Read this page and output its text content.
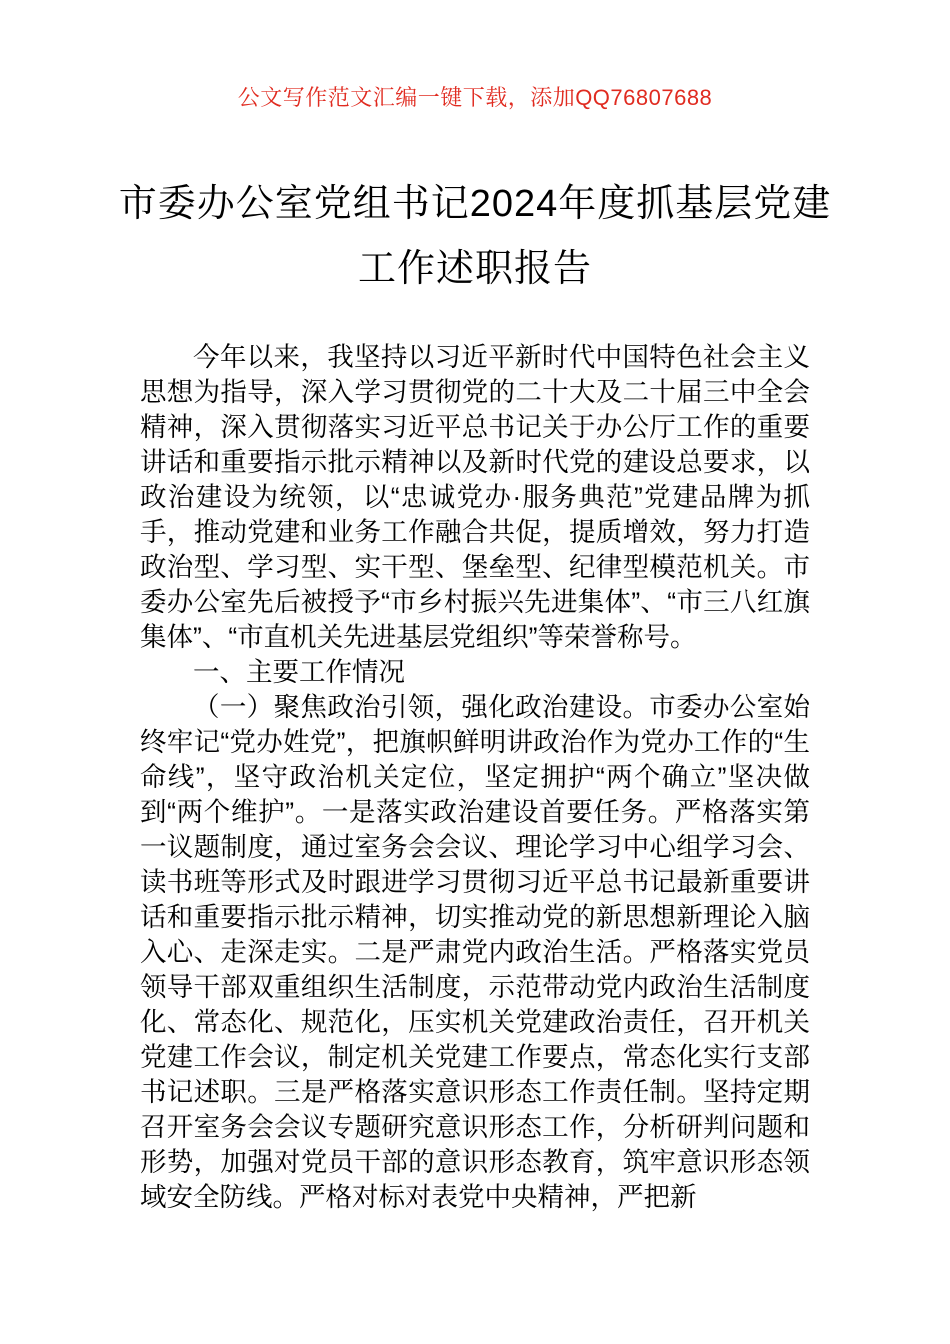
公文写作范文汇编一键下载，添加QQ76807688
市委办公室党组书记2024年度抓基层党建
工作述职报告

今年以来，我坚持以习近平新时代中国特色社会主义思想为指导，深入学习贯彻党的二十大及二十届三中全会精神，深入贯彻落实习近平总书记关于办公厅工作的重要讲话和重要指示批示精神以及新时代党的建设总要求，以政治建设为统领，以“忠诚党办·服务典范”党建品牌为抓手，推动党建和业务工作融合共促，提质增效，努力打造政治型、学习型、实干型、堡垒型、纪律型模范机关。市委办公室先后被授予“市乡村振兴先进集体”、“市三八红旗集体”、“市直机关先进基层党组织”等荣誉称号。

一、主要工作情况

（一）聚焦政治引领，强化政治建设。市委办公室始终牢记“党办姓党”，把旗帜鲜明讲政治作为党办工作的“生命线”，坚守政治机关定位，坚定拥护“两个确立”坚决做到“两个维护”。一是落实政治建设首要任务。严格落实第一议题制度，通过室务会会议、理论学习中心组学习会、读书班等形式及时跟进学习贯彻习近平总书记最新重要讲话和重要指示批示精神，切实推动党的新思想新理论入脑入心、走深走实。二是严肃党内政治生活。严格落实党员领导干部双重组织生活制度，示范带动党内政治生活制度化、常态化、规范化，压实机关党建政治责任，召开机关党建工作会议，制定机关党建工作要点，常态化实行支部书记述职。三是严格落实意识形态工作责任制。坚持定期召开室务会会议专题研究意识形态工作，分析研判问题和形势，加强对党员干部的意识形态教育，筑牢意识形态领域安全防线。严格对标对表党中央精神，严把新
